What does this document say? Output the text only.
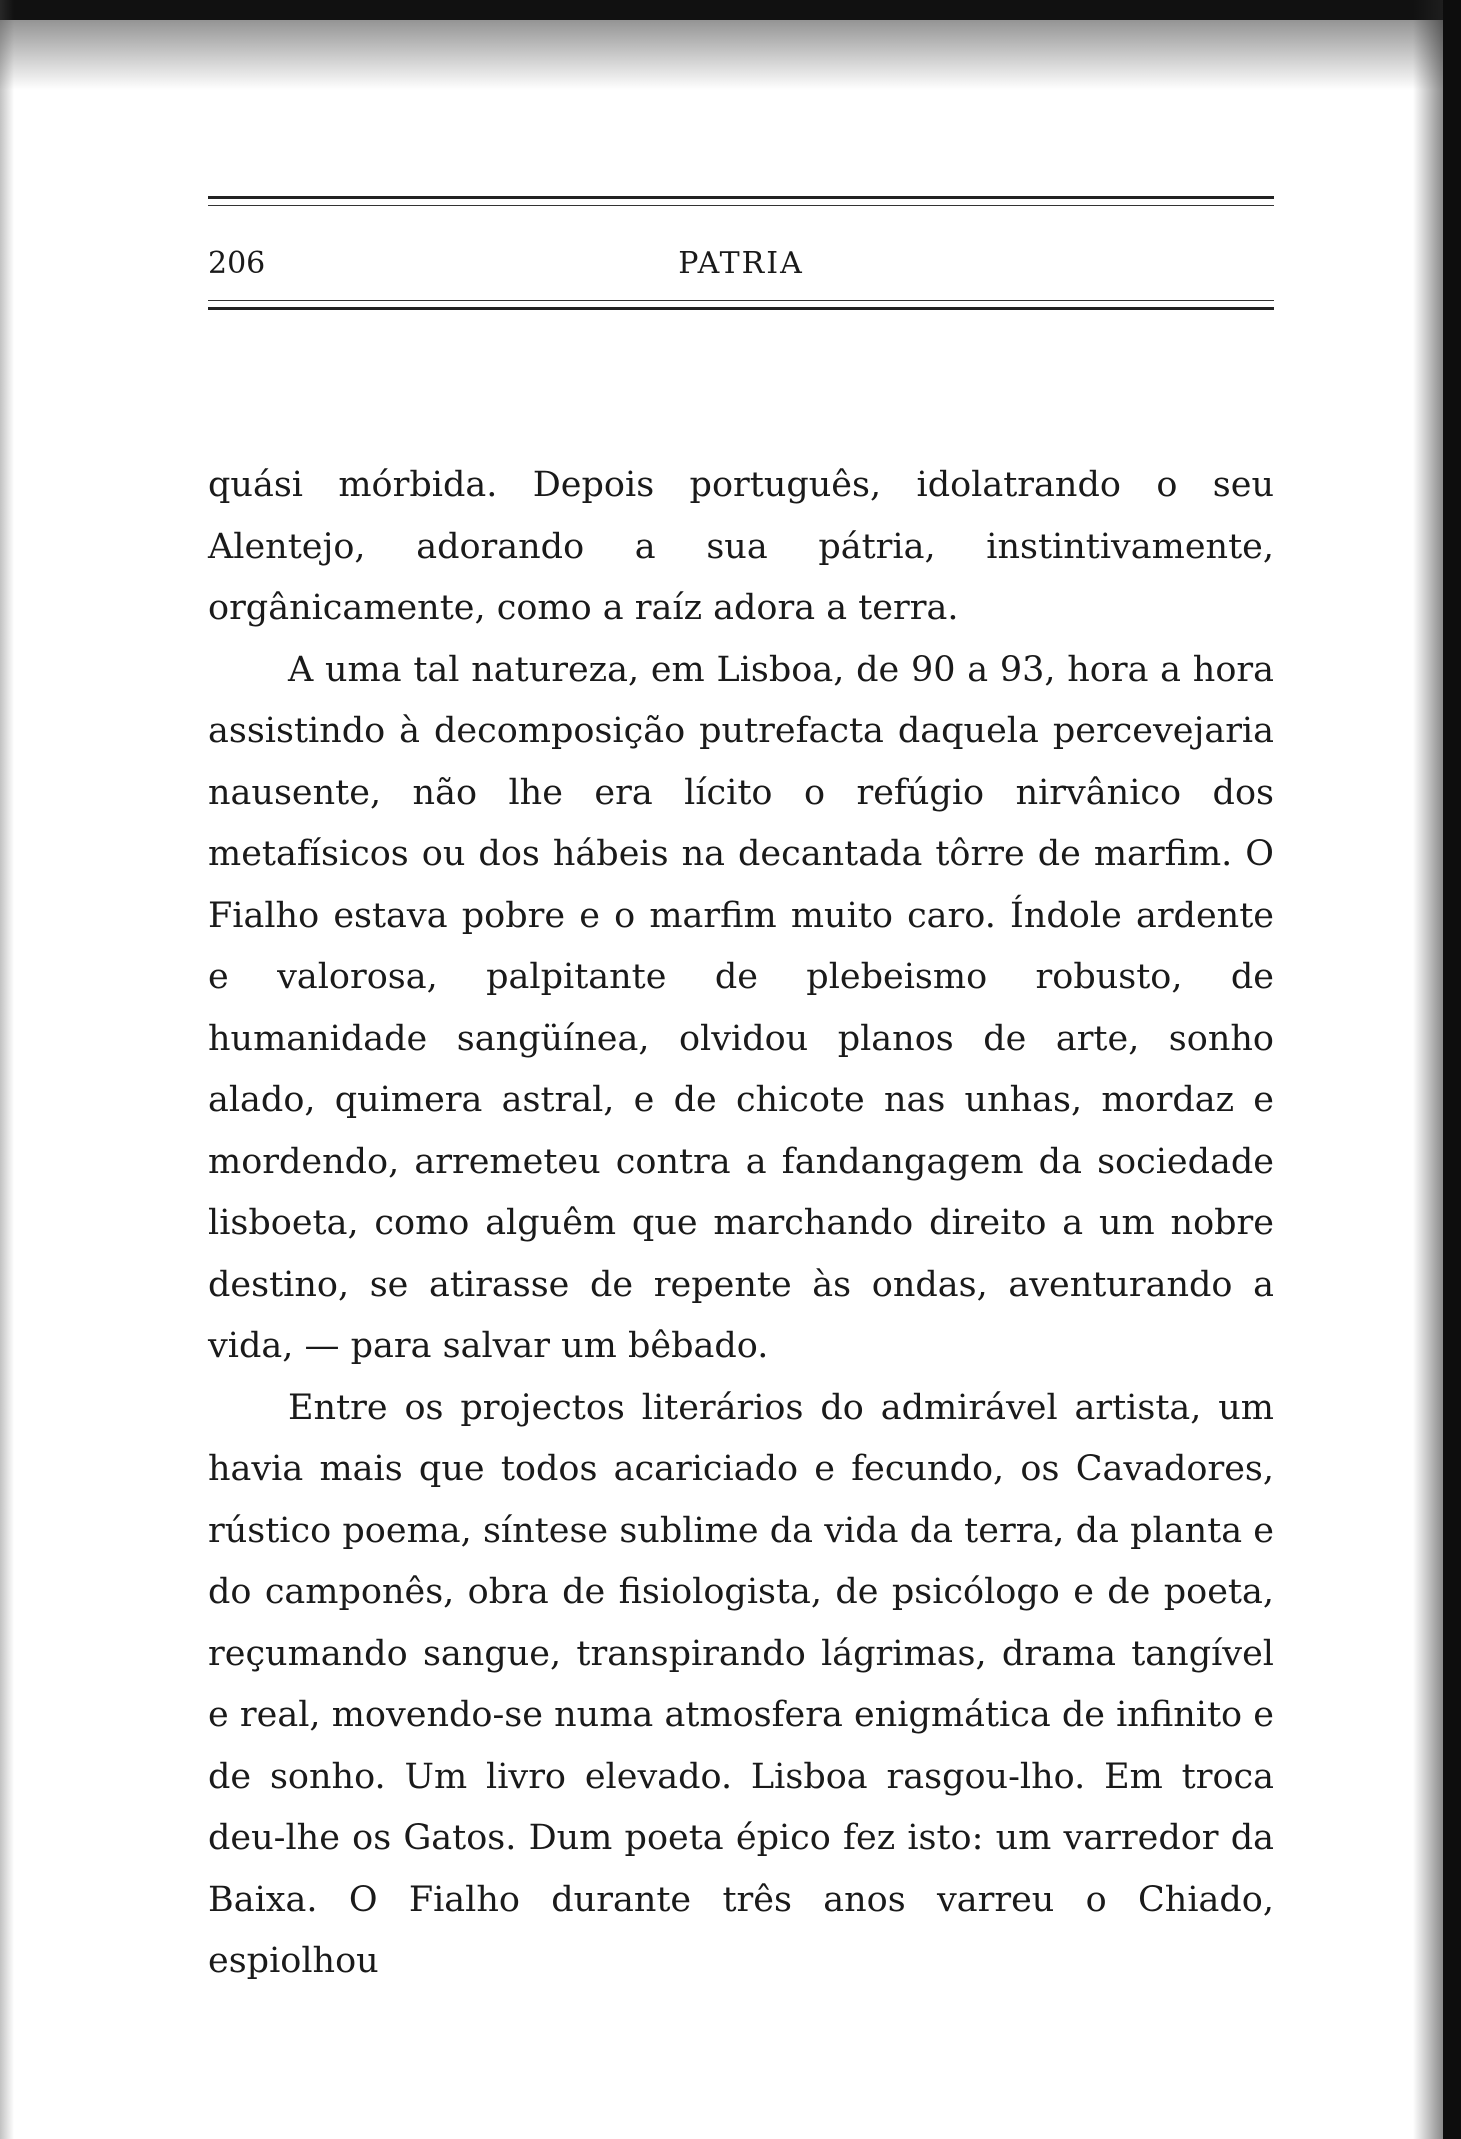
206	PATRIA

quási mórbida. Depois português, idolatrando o seu Alentejo, adorando a sua pátria, instintivamente, orgânicamente, como a raíz adora a terra.

A uma tal natureza, em Lisboa, de 90 a 93, hora a hora assistindo à decomposição putrefacta daquela percevejaria nausente, não lhe era lícito o refúgio nirvânico dos metafísicos ou dos hábeis na decantada tôrre de marfim. O Fialho estava pobre e o marfim muito caro. Índole ardente e valorosa, palpitante de plebeismo robusto, de humanidade sangüínea, olvidou planos de arte, sonho alado, quimera astral, e de chicote nas unhas, mordaz e mordendo, arremeteu contra a fandangagem da sociedade lisboeta, como alguêm que marchando direito a um nobre destino, se atirasse de repente às ondas, aventurando a vida, — para salvar um bêbado.

Entre os projectos literários do admirável artista, um havia mais que todos acariciado e fecundo, os Cavadores, rústico poema, síntese sublime da vida da terra, da planta e do camponês, obra de fisiologista, de psicólogo e de poeta, reçumando sangue, transpirando lágrimas, drama tangível e real, movendo-se numa atmosfera enigmática de infinito e de sonho. Um livro elevado. Lisboa rasgou-lho. Em troca deu-lhe os Gatos. Dum poeta épico fez isto: um varredor da Baixa. O Fialho durante três anos varreu o Chiado, espiolhou
